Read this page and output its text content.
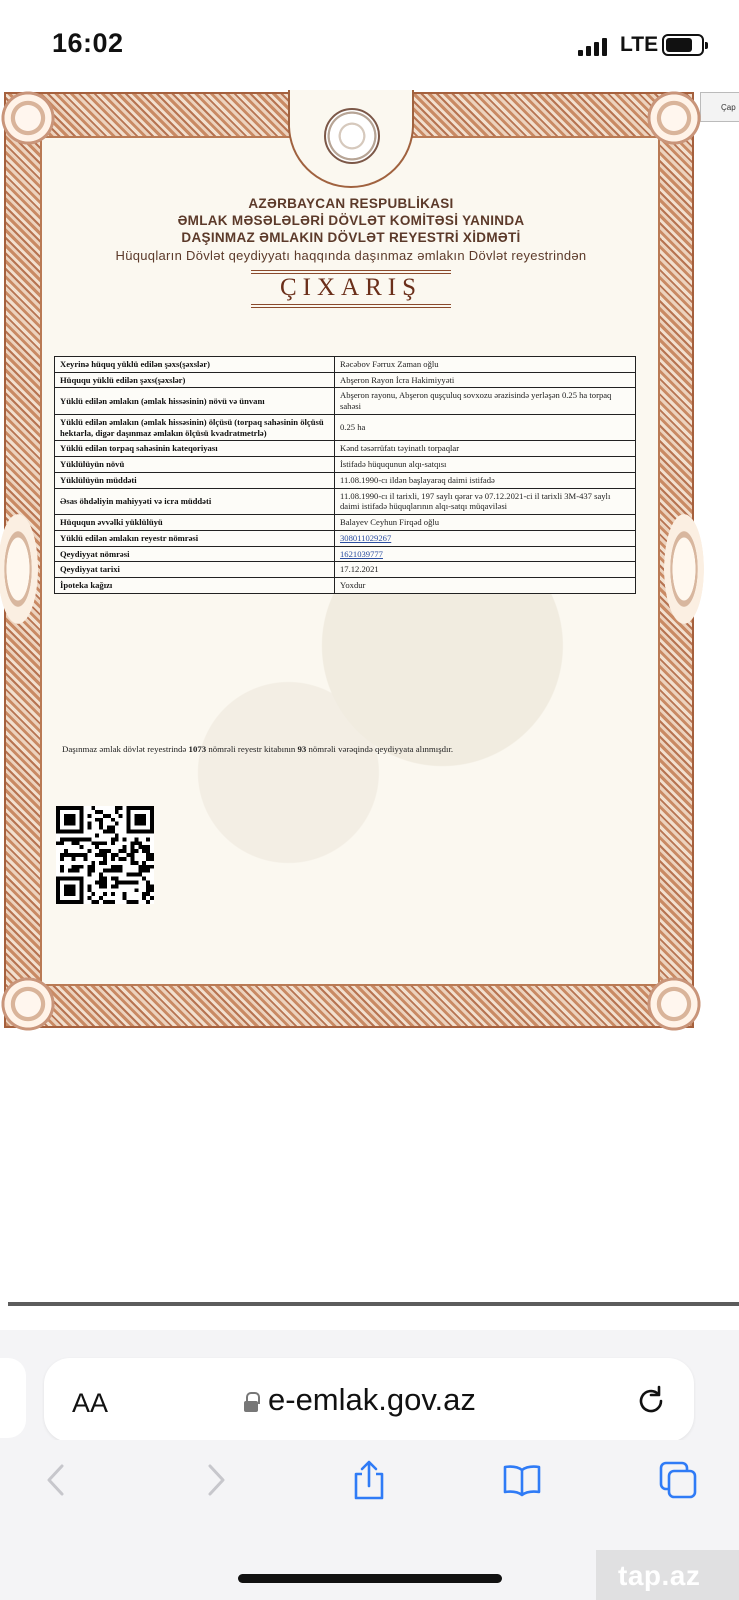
16:02	LTE
Çap
AZƏRBAYCAN RESPUBLİKASI
ƏMLAK MƏSƏLƏLƏRİ DÖVLƏT KOMİTƏSİ YANINDA
DAŞINMAZ ƏMLAKIN DÖVLƏT REYESTRİ XİDMƏTİ
Hüquqların Dövlət qeydiyyatı haqqında daşınmaz əmlakın Dövlət reyestrindən
ÇIXARIŞ
Xeyrinə hüquq yüklü edilən şəxs(şəxslər)	Rəcəbov Fərrux Zaman oğlu
Hüququ yüklü edilən şəxs(şəxslər)	Abşeron Rayon İcra Hakimiyyəti
Yüklü edilən əmlakın (əmlak hissəsinin) növü və ünvanı	Abşeron rayonu, Abşeron quşçuluq sovxozu ərazisində yerləşən 0.25 ha torpaq sahəsi
Yüklü edilən əmlakın (əmlak hissəsinin) ölçüsü (torpaq sahəsinin ölçüsü hektarla, digər daşınmaz əmlakın ölçüsü kvadratmetrlə)	0.25 ha
Yüklü edilən torpaq sahəsinin kateqoriyası	Kənd təsərrüfatı təyinatlı torpaqlar
Yüklülüyün növü	İstifadə hüququnun alqı-satqısı
Yüklülüyün müddəti	11.08.1990-cı ildən başlayaraq daimi istifadə
Əsas öhdəliyin mahiyyəti və icra müddəti	11.08.1990-cı il tarixli, 197 saylı qərar və 07.12.2021-ci il tarixli 3M-437 saylı daimi istifadə hüquqlarının alqı-satqı müqaviləsi
Hüququn əvvəlki yüklülüyü	Balayev Ceyhun Firqəd oğlu
Yüklü edilən əmlakın reyestr nömrəsi	308011029267
Qeydiyyat nömrəsi	1621039777
Qeydiyyat tarixi	17.12.2021
İpoteka kağızı	Yoxdur
Daşınmaz əmlak dövlət reyestrində 1073 nömrəli reyestr kitabının 93 nömrəli vərəqində qeydiyyata alınmışdır.
AA	e-emlak.gov.az
tap.az
